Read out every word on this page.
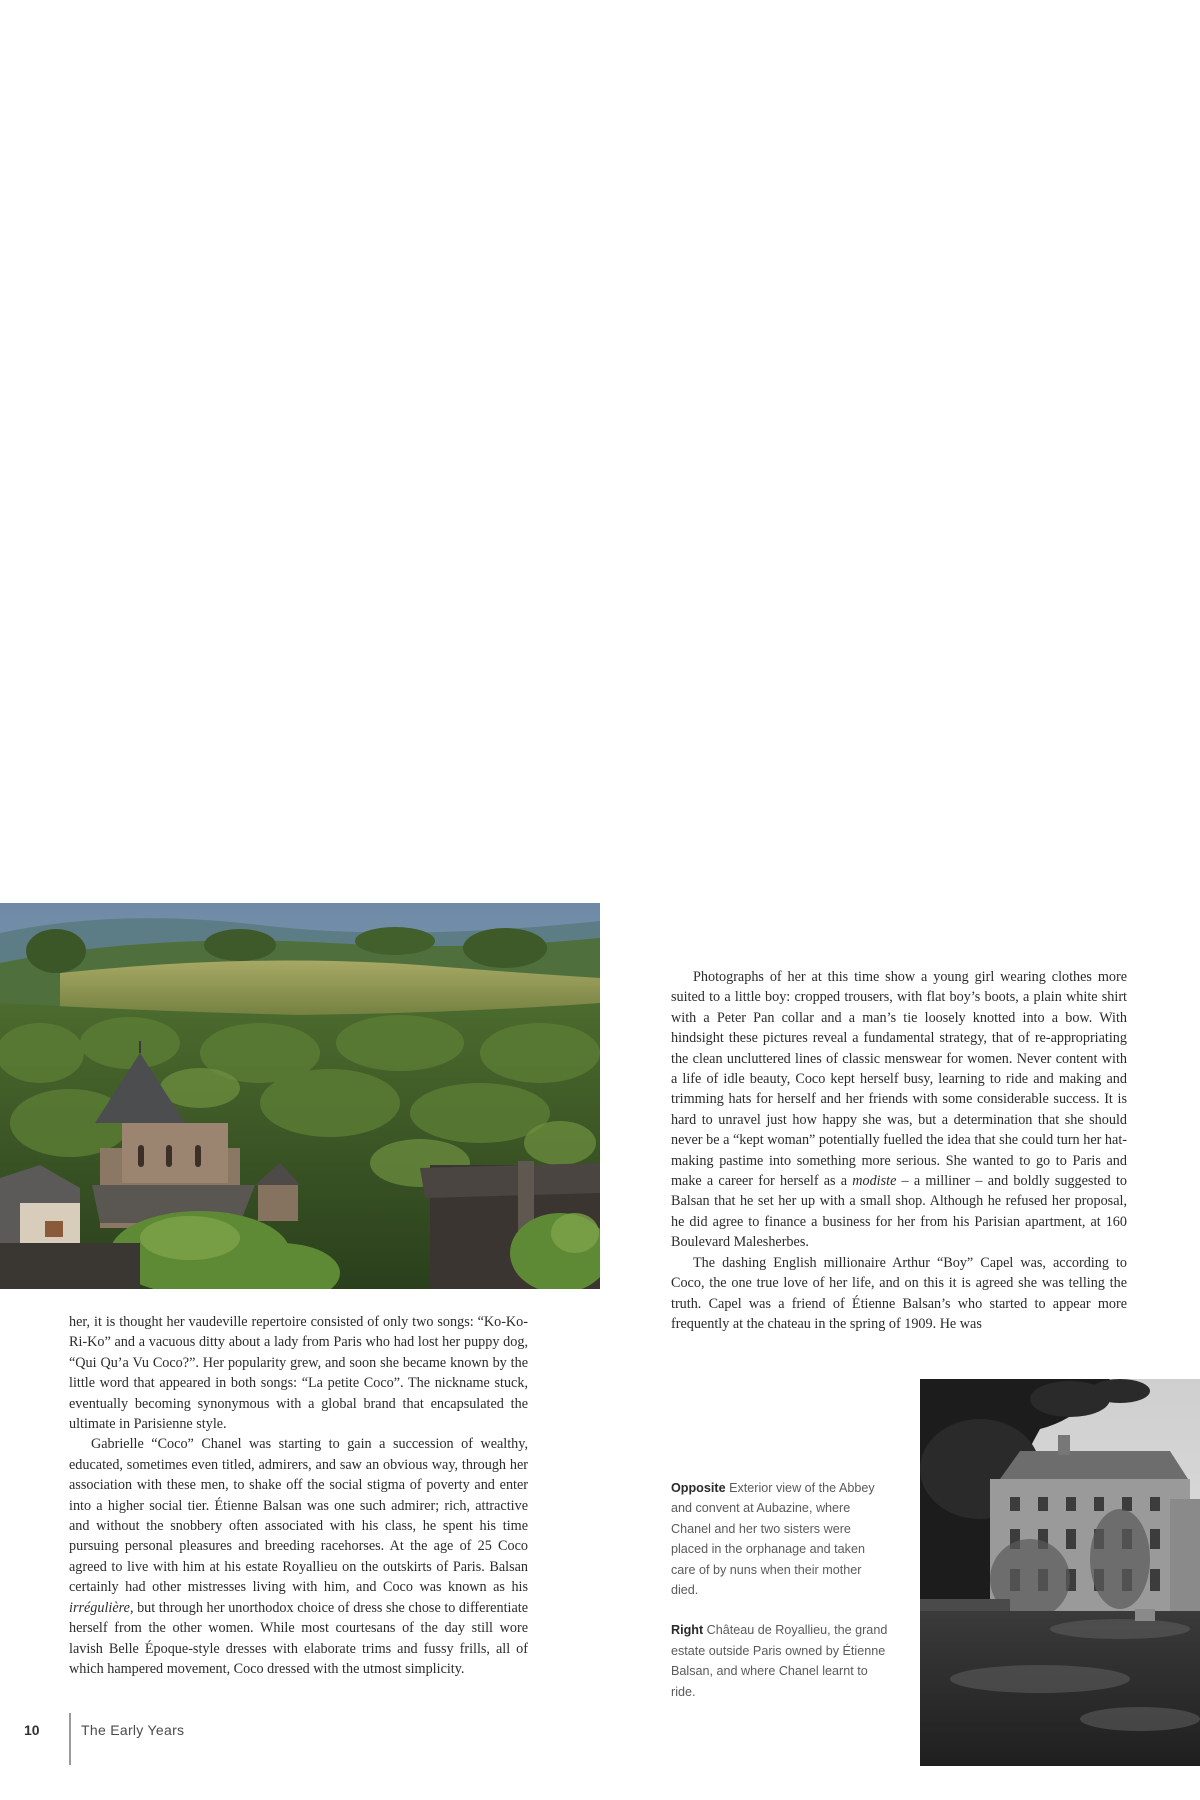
her, it is thought her vaudeville repertoire consisted of only two songs: “Ko-Ko-Ri-Ko” and a vacuous ditty about a lady from Paris who had lost her puppy dog, “Qui Qu’a Vu Coco?”. Her popularity grew, and soon she became known by the little word that appeared in both songs: “La petite Coco”. The nickname stuck, eventually becoming synonymous with a global brand that encapsulated the ultimate in Parisienne style.

Gabrielle “Coco” Chanel was starting to gain a succession of wealthy, educated, sometimes even titled, admirers, and saw an obvious way, through her association with these men, to shake off the social stigma of poverty and enter into a higher social tier. Étienne Balsan was one such admirer; rich, attractive and without the snobbery often associated with his class, he spent his time pursuing personal pleasures and breeding racehorses. At the age of 25 Coco agreed to live with him at his estate Royallieu on the outskirts of Paris. Balsan certainly had other mistresses living with him, and Coco was known as his irrégulière, but through her unorthodox choice of dress she chose to differentiate herself from the other women. While most courtesans of the day still wore lavish Belle Époque-style dresses with elaborate trims and fussy frills, all of which hampered movement, Coco dressed with the utmost simplicity.

Photographs of her at this time show a young girl wearing clothes more suited to a little boy: cropped trousers, with flat boy’s boots, a plain white shirt with a Peter Pan collar and a man’s tie loosely knotted into a bow. With hindsight these pictures reveal a fundamental strategy, that of re-appropriating the clean uncluttered lines of classic menswear for women. Never content with a life of idle beauty, Coco kept herself busy, learning to ride and making and trimming hats for herself and her friends with some considerable success. It is hard to unravel just how happy she was, but a determination that she should never be a “kept woman” potentially fuelled the idea that she could turn her hat-making pastime into something more serious. She wanted to go to Paris and make a career for herself as a modiste – a milliner – and boldly suggested to Balsan that he set her up with a small shop. Although he refused her proposal, he did agree to finance a business for her from his Parisian apartment, at 160 Boulevard Malesherbes.

The dashing English millionaire Arthur “Boy” Capel was, according to Coco, the one true love of her life, and on this it is agreed she was telling the truth. Capel was a friend of Étienne Balsan’s who started to appear more frequently at the chateau in the spring of 1909. He was

Opposite Exterior view of the Abbey and convent at Aubazine, where Chanel and her two sisters were placed in the orphanage and taken care of by nuns when their mother died.

Right Château de Royallieu, the grand estate outside Paris owned by Étienne Balsan, and where Chanel learnt to ride.

10	The Early Years
